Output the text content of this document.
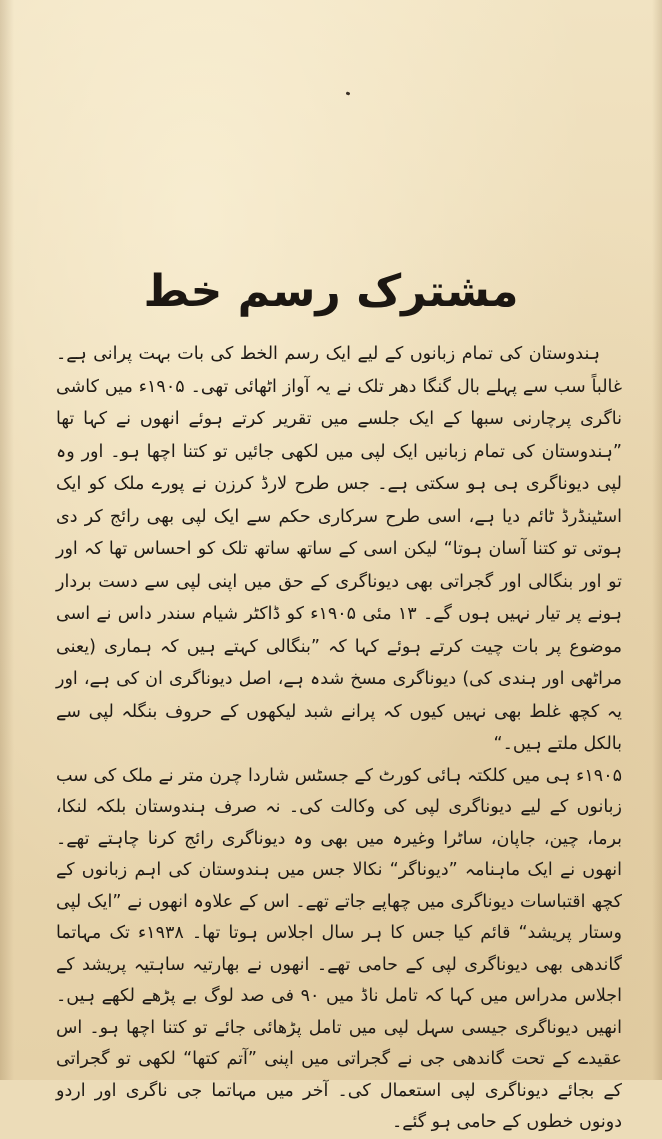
مشترک رسم خط

ہندوستان کی تمام زبانوں کے لیے ایک رسم الخط کی بات بہت پرانی ہے۔ غالباً سب سے پہلے بال گنگا دھر تلک نے یہ آواز اٹھائی تھی۔ ۱۹۰۵ء میں کاشی ناگری پرچارنی سبھا کے ایک جلسے میں تقریر کرتے ہوئے انھوں نے کہا تھا ”ہندوستان کی تمام زبانیں ایک لپی میں لکھی جائیں تو کتنا اچھا ہو۔ اور وہ لپی دیوناگری ہی ہو سکتی ہے۔ جس طرح لارڈ کرزن نے پورے ملک کو ایک اسٹینڈرڈ ٹائم دیا ہے، اسی طرح سرکاری حکم سے ایک لپی بھی رائج کر دی ہوتی تو کتنا آسان ہوتا“ لیکن اسی کے ساتھ ساتھ تلک کو احساس تھا کہ اور تو اور بنگالی اور گجراتی بھی دیوناگری کے حق میں اپنی لپی سے دست بردار ہونے پر تیار نہیں ہوں گے۔ ۱۳ مئی ۱۹۰۵ء کو ڈاکٹر شیام سندر داس نے اسی موضوع پر بات چیت کرتے ہوئے کہا کہ ”بنگالی کہتے ہیں کہ ہماری (یعنی مراٹھی اور ہندی کی) دیوناگری مسخ شدہ ہے، اصل دیوناگری ان کی ہے، اور یہ کچھ غلط بھی نہیں کیوں کہ پرانے شبد لیکھوں کے حروف بنگلہ لپی سے بالکل ملتے ہیں۔“

۱۹۰۵ء ہی میں کلکتہ ہائی کورٹ کے جسٹس شاردا چرن متر نے ملک کی سب زبانوں کے لیے دیوناگری لپی کی وکالت کی۔ نہ صرف ہندوستان بلکہ لنکا، برما، چین، جاپان، ساٹرا وغیرہ میں بھی وہ دیوناگری رائج کرنا چاہتے تھے۔ انھوں نے ایک ماہنامہ ”دیوناگر“ نکالا جس میں ہندوستان کی اہم زبانوں کے کچھ اقتباسات دیوناگری میں چھاپے جاتے تھے۔ اس کے علاوہ انھوں نے ”ایک لپی وستار پریشد“ قائم کیا جس کا ہر سال اجلاس ہوتا تھا۔ ۱۹۳۸ء تک مہاتما گاندھی بھی دیوناگری لپی کے حامی تھے۔ انھوں نے بھارتیہ ساہتیہ پریشد کے اجلاس مدراس میں کہا کہ تامل ناڈ میں ۹۰ فی صد لوگ بے پڑھے لکھے ہیں۔ انھیں دیوناگری جیسی سہل لپی میں تامل پڑھائی جائے تو کتنا اچھا ہو۔ اس عقیدے کے تحت گاندھی جی نے گجراتی میں اپنی ”آتم کتھا“ لکھی تو گجراتی کے بجائے دیوناگری لپی استعمال کی۔ آخر میں مہاتما جی ناگری اور اردو دونوں خطوں کے حامی ہو گئے۔
